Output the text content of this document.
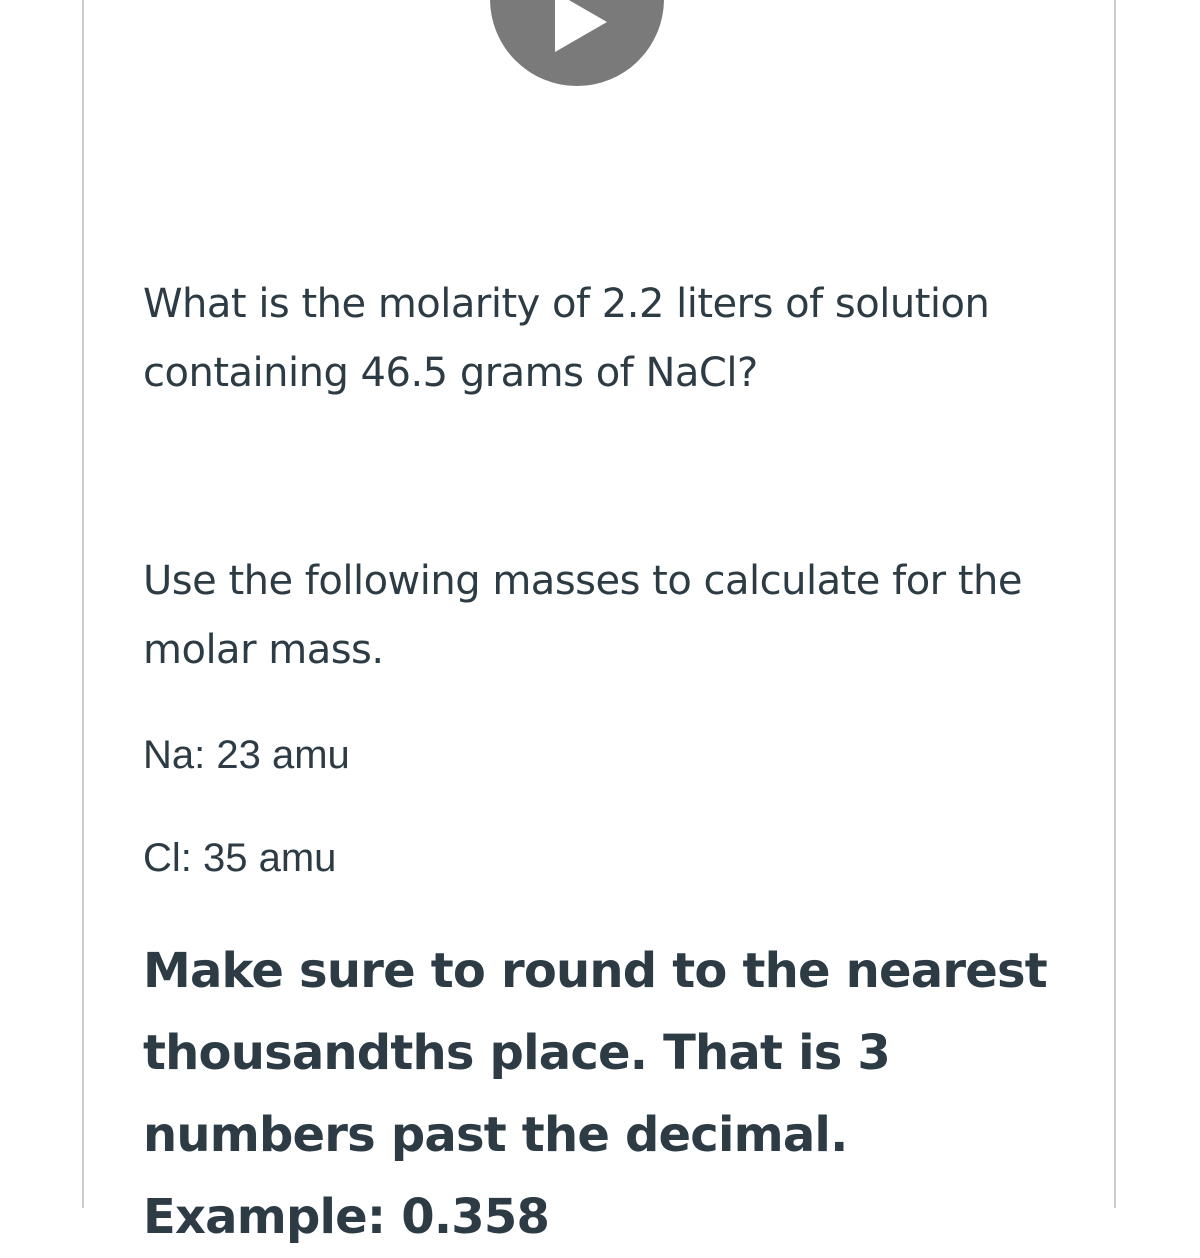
What is the molarity of 2.2 liters of solution containing 46.5 grams of NaCl?

Use the following masses to calculate for the molar mass.

Na: 23 amu

Cl: 35 amu

Make sure to round to the nearest thousandths place. That is 3 numbers past the decimal. Example: 0.358
